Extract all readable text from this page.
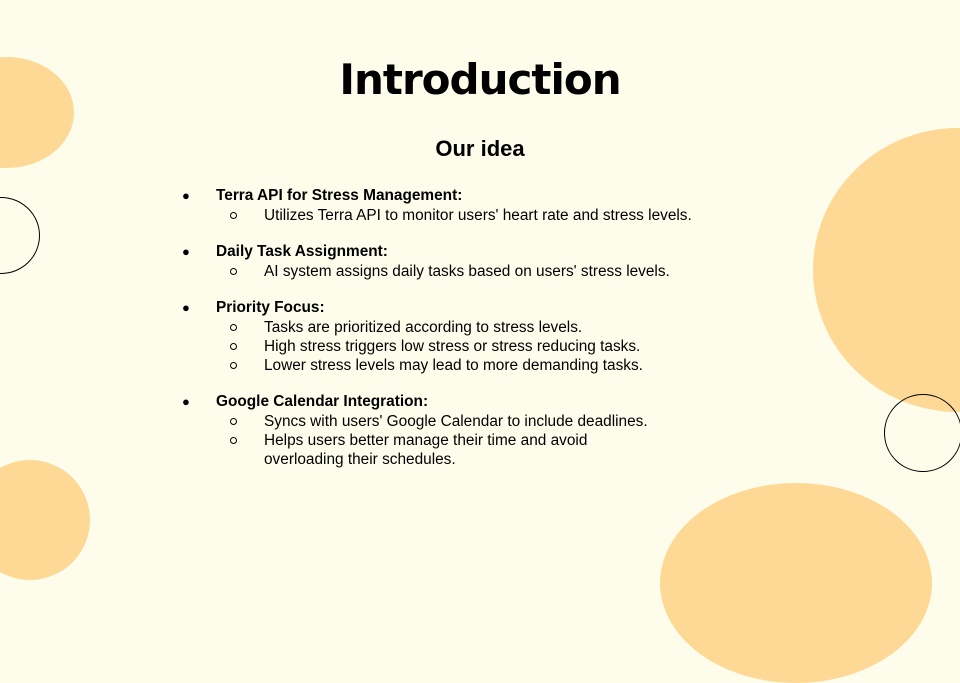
Introduction
Our idea
● Terra API for Stress Management:
Utilizes Terra API to monitor users' heart rate and stress levels.
● Daily Task Assignment:
AI system assigns daily tasks based on users' stress levels.
● Priority Focus:
Tasks are prioritized according to stress levels.
High stress triggers low stress or stress reducing tasks.
Lower stress levels may lead to more demanding tasks.
● Google Calendar Integration:
Syncs with users' Google Calendar to include deadlines.
Helps users better manage their time and avoid overloading their schedules.
